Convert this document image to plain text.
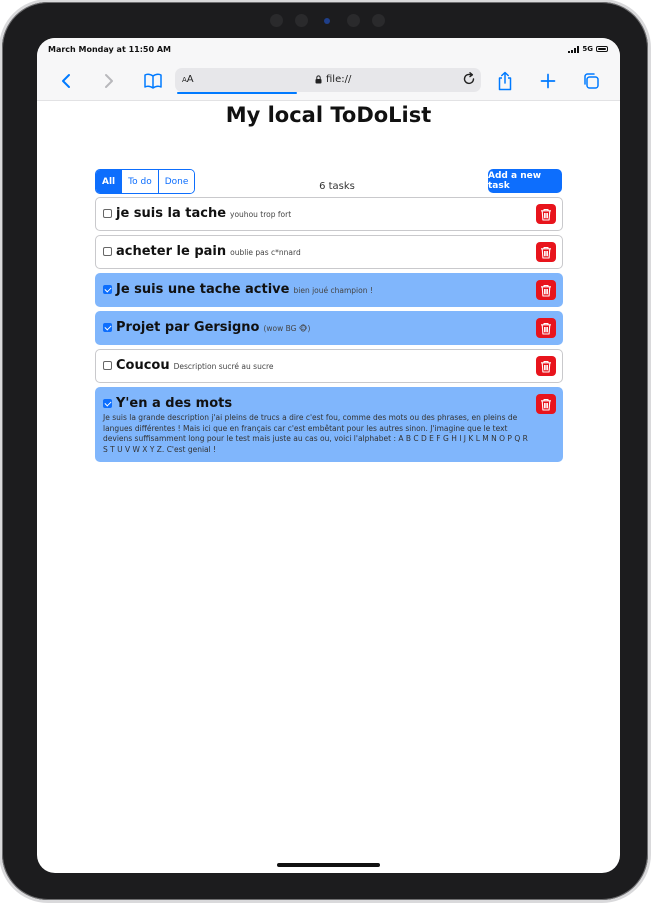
March Monday at 11:50 AM	5G
AA	file://
My local ToDoList
All	To do	Done	6 tasks
Add a new task
je suis la tache youhou trop fort
acheter le pain oublie pas c*nnard
Je suis une tache active bien joué champion !
Projet par Gersigno (wow BG 🐵)
Coucou Description sucré au sucre
Y'en a des mots
Je suis la grande description j'ai pleins de trucs a dire c'est fou, comme des mots ou des phrases, en pleins de langues différentes ! Mais ici que en français car c'est embêtant pour les autres sinon. J'imagine que le text deviens suffisamment long pour le test mais juste au cas ou, voici l'alphabet : A B C D E F G H I J K L M N O P Q R S T U V W X Y Z. C'est genial !
